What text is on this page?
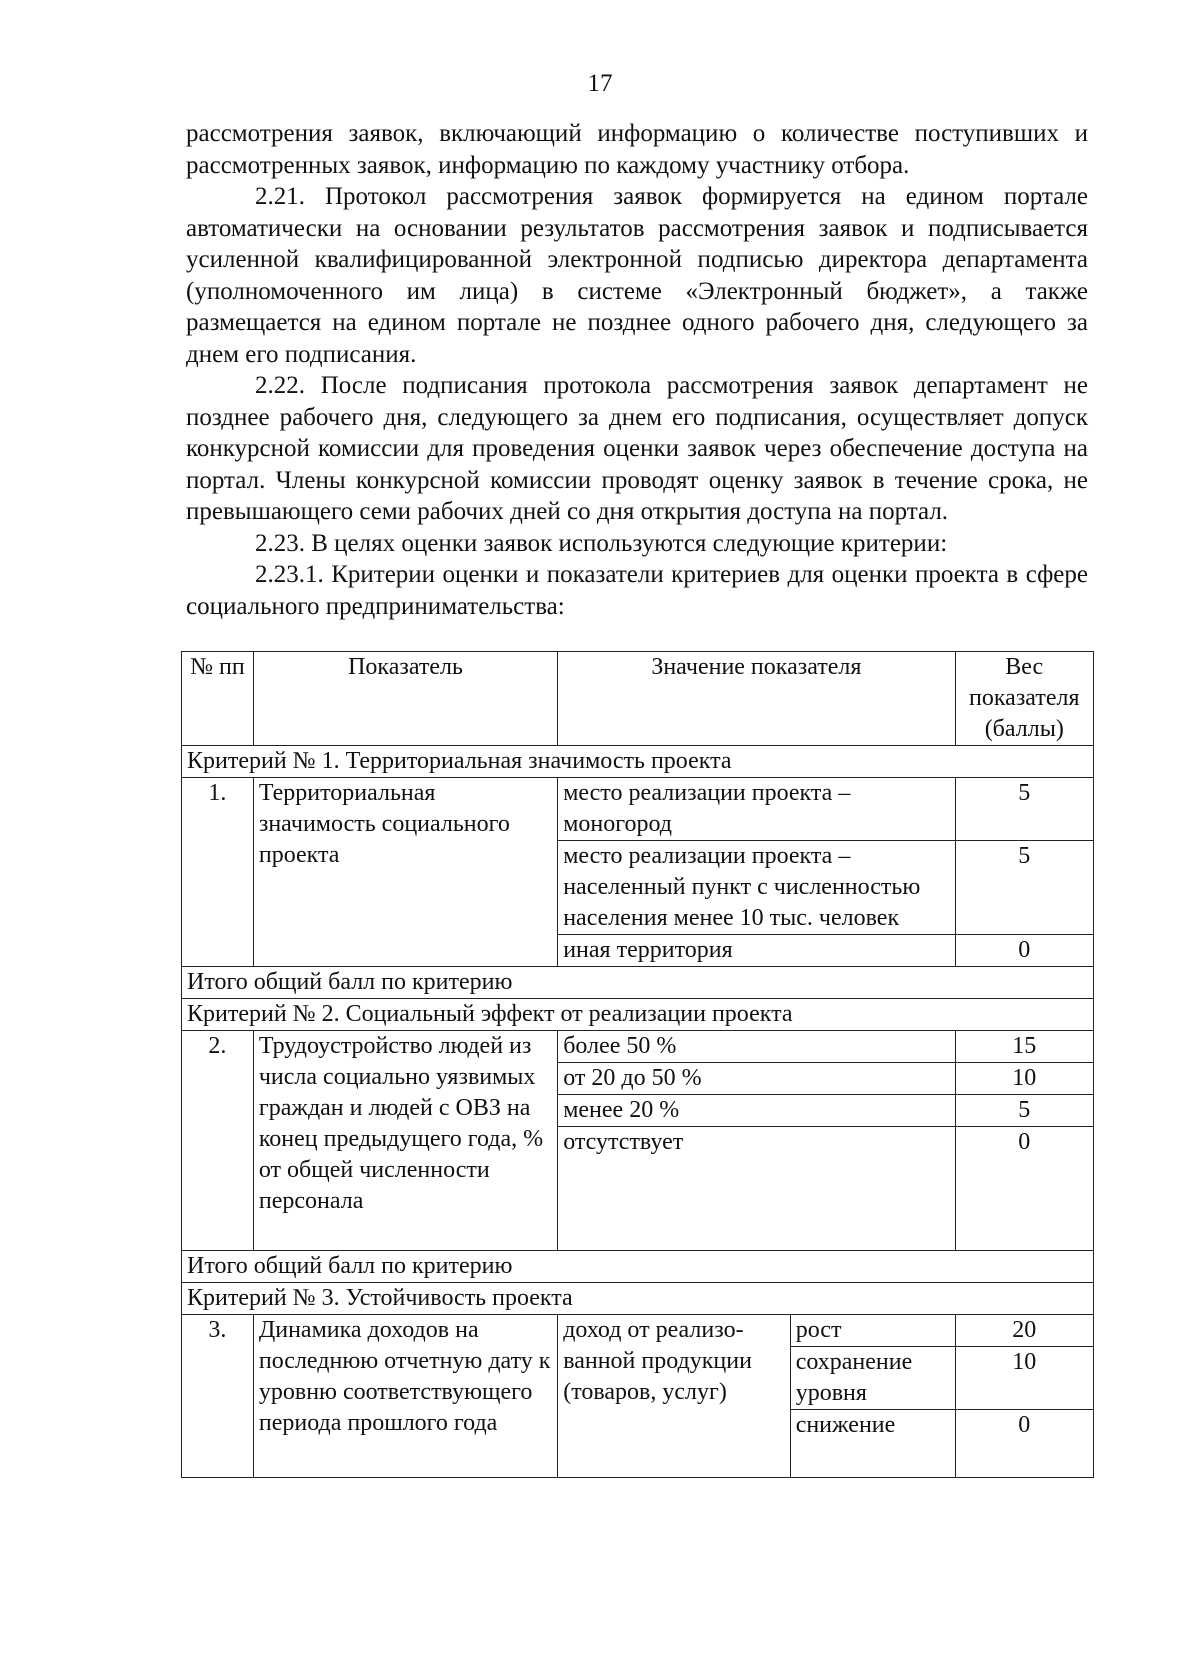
17

рассмотрения заявок, включающий информацию о количестве поступивших и рассмотренных заявок, информацию по каждому участнику отбора.

2.21. Протокол рассмотрения заявок формируется на едином портале автоматически на основании результатов рассмотрения заявок и подписывается усиленной квалифицированной электронной подписью директора департамента (уполномоченного им лица) в системе «Электронный бюджет», а также размещается на едином портале не позднее одного рабочего дня, следующего за днем его подписания.

2.22. После подписания протокола рассмотрения заявок департамент не позднее рабочего дня, следующего за днем его подписания, осуществляет допуск конкурсной комиссии для проведения оценки заявок через обеспечение доступа на портал. Члены конкурсной комиссии проводят оценку заявок в течение срока, не превышающего семи рабочих дней со дня открытия доступа на портал.

2.23. В целях оценки заявок используются следующие критерии:

2.23.1. Критерии оценки и показатели критериев для оценки проекта в сфере социального предпринимательства:

№ пп	Показатель	Значение показателя		Вес показателя (баллы)
Критерий № 1. Территориальная значимость проекта				
1.	Территориальная значимость социального проекта	место реализации проекта – моногород		5
		место реализации проекта – населенный пункт с численностью населения менее 10 тыс. человек		5
		иная территория		0
Итого общий балл по критерию				
Критерий № 2. Социальный эффект от реализации проекта				
2.	Трудоустройство людей из числа социально уязвимых граждан и людей с ОВЗ на конец предыдущего года, % от общей численности персонала	более 50 %		15
		от 20 до 50 %		10
		менее 20 %		5
		отсутствует		0
Итого общий балл по критерию				
Критерий № 3. Устойчивость проекта				
3.	Динамика доходов на последнюю отчетную дату к уровню соответствующего периода прошлого года	доход от реализованной продукции (товаров, услуг)	рост	20
			сохранение уровня	10
			снижение	0
